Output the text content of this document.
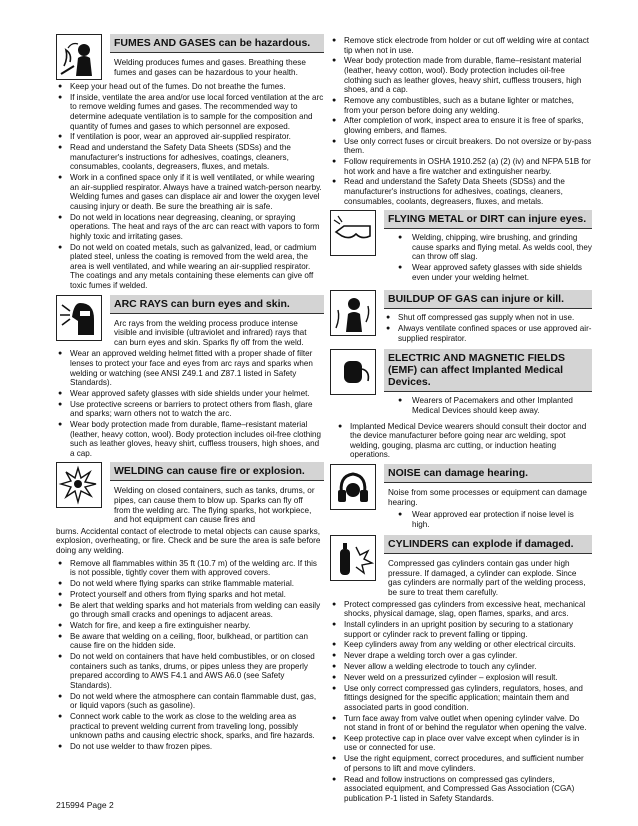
FUMES AND GASES can be hazardous.
Welding produces fumes and gases. Breathing these fumes and gases can be hazardous to your health.
● Keep your head out of the fumes. Do not breathe the fumes.
● If inside, ventilate the area and/or use local forced ventilation at the arc to remove welding fumes and gases. The recommended way to determine adequate ventilation is to sample for the composition and quantity of fumes and gases to which personnel are exposed.
● If ventilation is poor, wear an approved air-supplied respirator.
● Read and understand the Safety Data Sheets (SDSs) and the manufacturer's instructions for adhesives, coatings, cleaners, consumables, coolants, degreasers, fluxes, and metals.
● Work in a confined space only if it is well ventilated, or while wearing an air-supplied respirator. Always have a trained watch-person nearby. Welding fumes and gases can displace air and lower the oxygen level causing injury or death. Be sure the breathing air is safe.
● Do not weld in locations near degreasing, cleaning, or spraying operations. The heat and rays of the arc can react with vapors to form highly toxic and irritating gases.
● Do not weld on coated metals, such as galvanized, lead, or cadmium plated steel, unless the coating is removed from the weld area, the area is well ventilated, and while wearing an air-supplied respirator. The coatings and any metals containing these elements can give off toxic fumes if welded.
ARC RAYS can burn eyes and skin.
Arc rays from the welding process produce intense visible and invisible (ultraviolet and infrared) rays that can burn eyes and skin. Sparks fly off from the weld.
● Wear an approved welding helmet fitted with a proper shade of filter lenses to protect your face and eyes from arc rays and sparks when welding or watching (see ANSI Z49.1 and Z87.1 listed in Safety Standards).
● Wear approved safety glasses with side shields under your helmet.
● Use protective screens or barriers to protect others from flash, glare and sparks; warn others not to watch the arc.
● Wear body protection made from durable, flame–resistant material (leather, heavy cotton, wool). Body protection includes oil-free clothing such as leather gloves, heavy shirt, cuffless trousers, high shoes, and a cap.
WELDING can cause fire or explosion.
Welding on closed containers, such as tanks, drums, or pipes, can cause them to blow up. Sparks can fly off from the welding arc. The flying sparks, hot workpiece, and hot equipment can cause fires and
burns. Accidental contact of electrode to metal objects can cause sparks, explosion, overheating, or fire. Check and be sure the area is safe before doing any welding.
● Remove all flammables within 35 ft (10.7 m) of the welding arc. If this is not possible, tightly cover them with approved covers.
● Do not weld where flying sparks can strike flammable material.
● Protect yourself and others from flying sparks and hot metal.
● Be alert that welding sparks and hot materials from welding can easily go through small cracks and openings to adjacent areas.
● Watch for fire, and keep a fire extinguisher nearby.
● Be aware that welding on a ceiling, floor, bulkhead, or partition can cause fire on the hidden side.
● Do not weld on containers that have held combustibles, or on closed containers such as tanks, drums, or pipes unless they are properly prepared according to AWS F4.1 and AWS A6.0 (see Safety Standards).
● Do not weld where the atmosphere can contain flammable dust, gas, or liquid vapors (such as gasoline).
● Connect work cable to the work as close to the welding area as practical to prevent welding current from traveling long, possibly unknown paths and causing electric shock, sparks, and fire hazards.
● Do not use welder to thaw frozen pipes.
● Remove stick electrode from holder or cut off welding wire at contact tip when not in use.
● Wear body protection made from durable, flame–resistant material (leather, heavy cotton, wool). Body protection includes oil-free clothing such as leather gloves, heavy shirt, cuffless trousers, high shoes, and a cap.
● Remove any combustibles, such as a butane lighter or matches, from your person before doing any welding.
● After completion of work, inspect area to ensure it is free of sparks, glowing embers, and flames.
● Use only correct fuses or circuit breakers. Do not oversize or by-pass them.
● Follow requirements in OSHA 1910.252 (a) (2) (iv) and NFPA 51B for hot work and have a fire watcher and extinguisher nearby.
● Read and understand the Safety Data Sheets (SDSs) and the manufacturer's instructions for adhesives, coatings, cleaners, consumables, coolants, degreasers, fluxes, and metals.
FLYING METAL or DIRT can injure eyes.
● Welding, chipping, wire brushing, and grinding cause sparks and flying metal. As welds cool, they can throw off slag.
● Wear approved safety glasses with side shields even under your welding helmet.
BUILDUP OF GAS can injure or kill.
● Shut off compressed gas supply when not in use.
● Always ventilate confined spaces or use approved air-supplied respirator.
ELECTRIC AND MAGNETIC FIELDS (EMF) can affect Implanted Medical Devices.
● Wearers of Pacemakers and other Implanted Medical Devices should keep away.
● Implanted Medical Device wearers should consult their doctor and the device manufacturer before going near arc welding, spot welding, gouging, plasma arc cutting, or induction heating operations.
NOISE can damage hearing.
Noise from some processes or equipment can damage hearing.
● Wear approved ear protection if noise level is high.
CYLINDERS can explode if damaged.
Compressed gas cylinders contain gas under high pressure. If damaged, a cylinder can explode. Since gas cylinders are normally part of the welding process, be sure to treat them carefully.
● Protect compressed gas cylinders from excessive heat, mechanical shocks, physical damage, slag, open flames, sparks, and arcs.
● Install cylinders in an upright position by securing to a stationary support or cylinder rack to prevent falling or tipping.
● Keep cylinders away from any welding or other electrical circuits.
● Never drape a welding torch over a gas cylinder.
● Never allow a welding electrode to touch any cylinder.
● Never weld on a pressurized cylinder – explosion will result.
● Use only correct compressed gas cylinders, regulators, hoses, and fittings designed for the specific application; maintain them and associated parts in good condition.
● Turn face away from valve outlet when opening cylinder valve. Do not stand in front of or behind the regulator when opening the valve.
● Keep protective cap in place over valve except when cylinder is in use or connected for use.
● Use the right equipment, correct procedures, and sufficient number of persons to lift and move cylinders.
● Read and follow instructions on compressed gas cylinders, associated equipment, and Compressed Gas Association (CGA) publication P-1 listed in Safety Standards.
215994 Page 2
